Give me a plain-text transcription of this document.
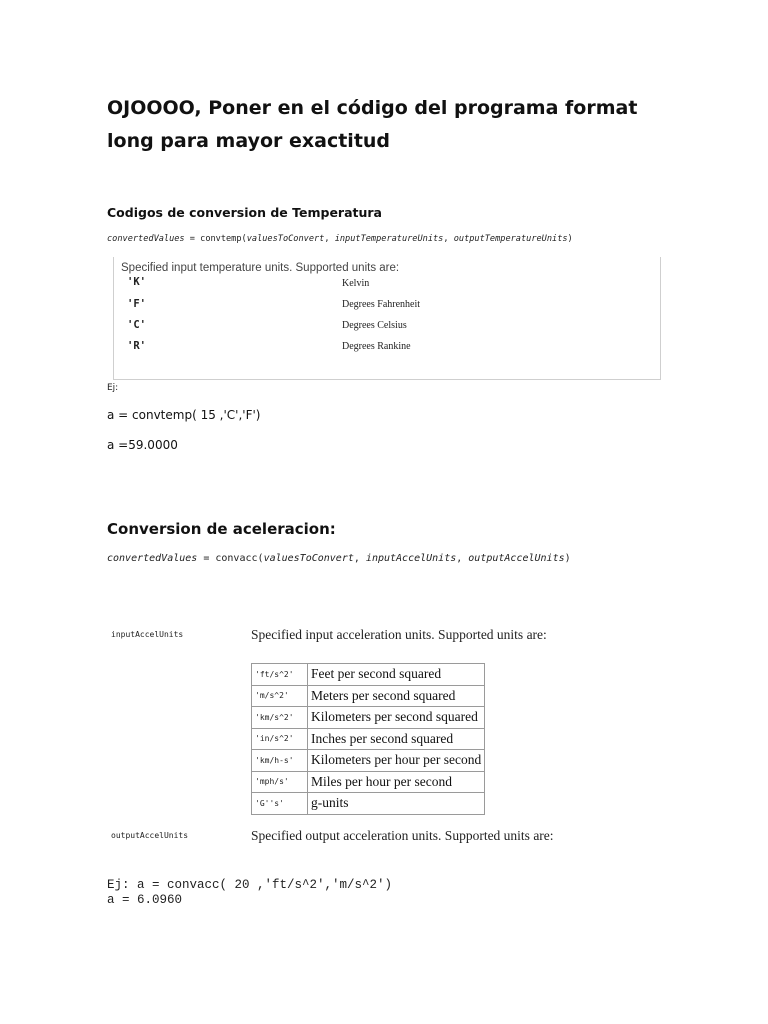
OJOOOO, Poner en el código del programa format long para mayor exactitud
Codigos de conversion de Temperatura
convertedValues = convtemp(valuesToConvert, inputTemperatureUnits, outputTemperatureUnits)
Specified input temperature units. Supported units are:
'K'	Kelvin
'F'	Degrees Fahrenheit
'C'	Degrees Celsius
'R'	Degrees Rankine
Ej:
a = convtemp( 15 ,'C','F')
a =59.0000
Conversion de aceleracion:
convertedValues = convacc(valuesToConvert, inputAccelUnits, outputAccelUnits)
inputAccelUnits	Specified input acceleration units. Supported units are:
'ft/s^2'	Feet per second squared
'm/s^2'	Meters per second squared
'km/s^2'	Kilometers per second squared
'in/s^2'	Inches per second squared
'km/h-s'	Kilometers per hour per second
'mph/s'	Miles per hour per second
'G''s'	g-units
outputAccelUnits	Specified output acceleration units. Supported units are:
Ej: a = convacc( 20 ,'ft/s^2','m/s^2')
a = 6.0960
